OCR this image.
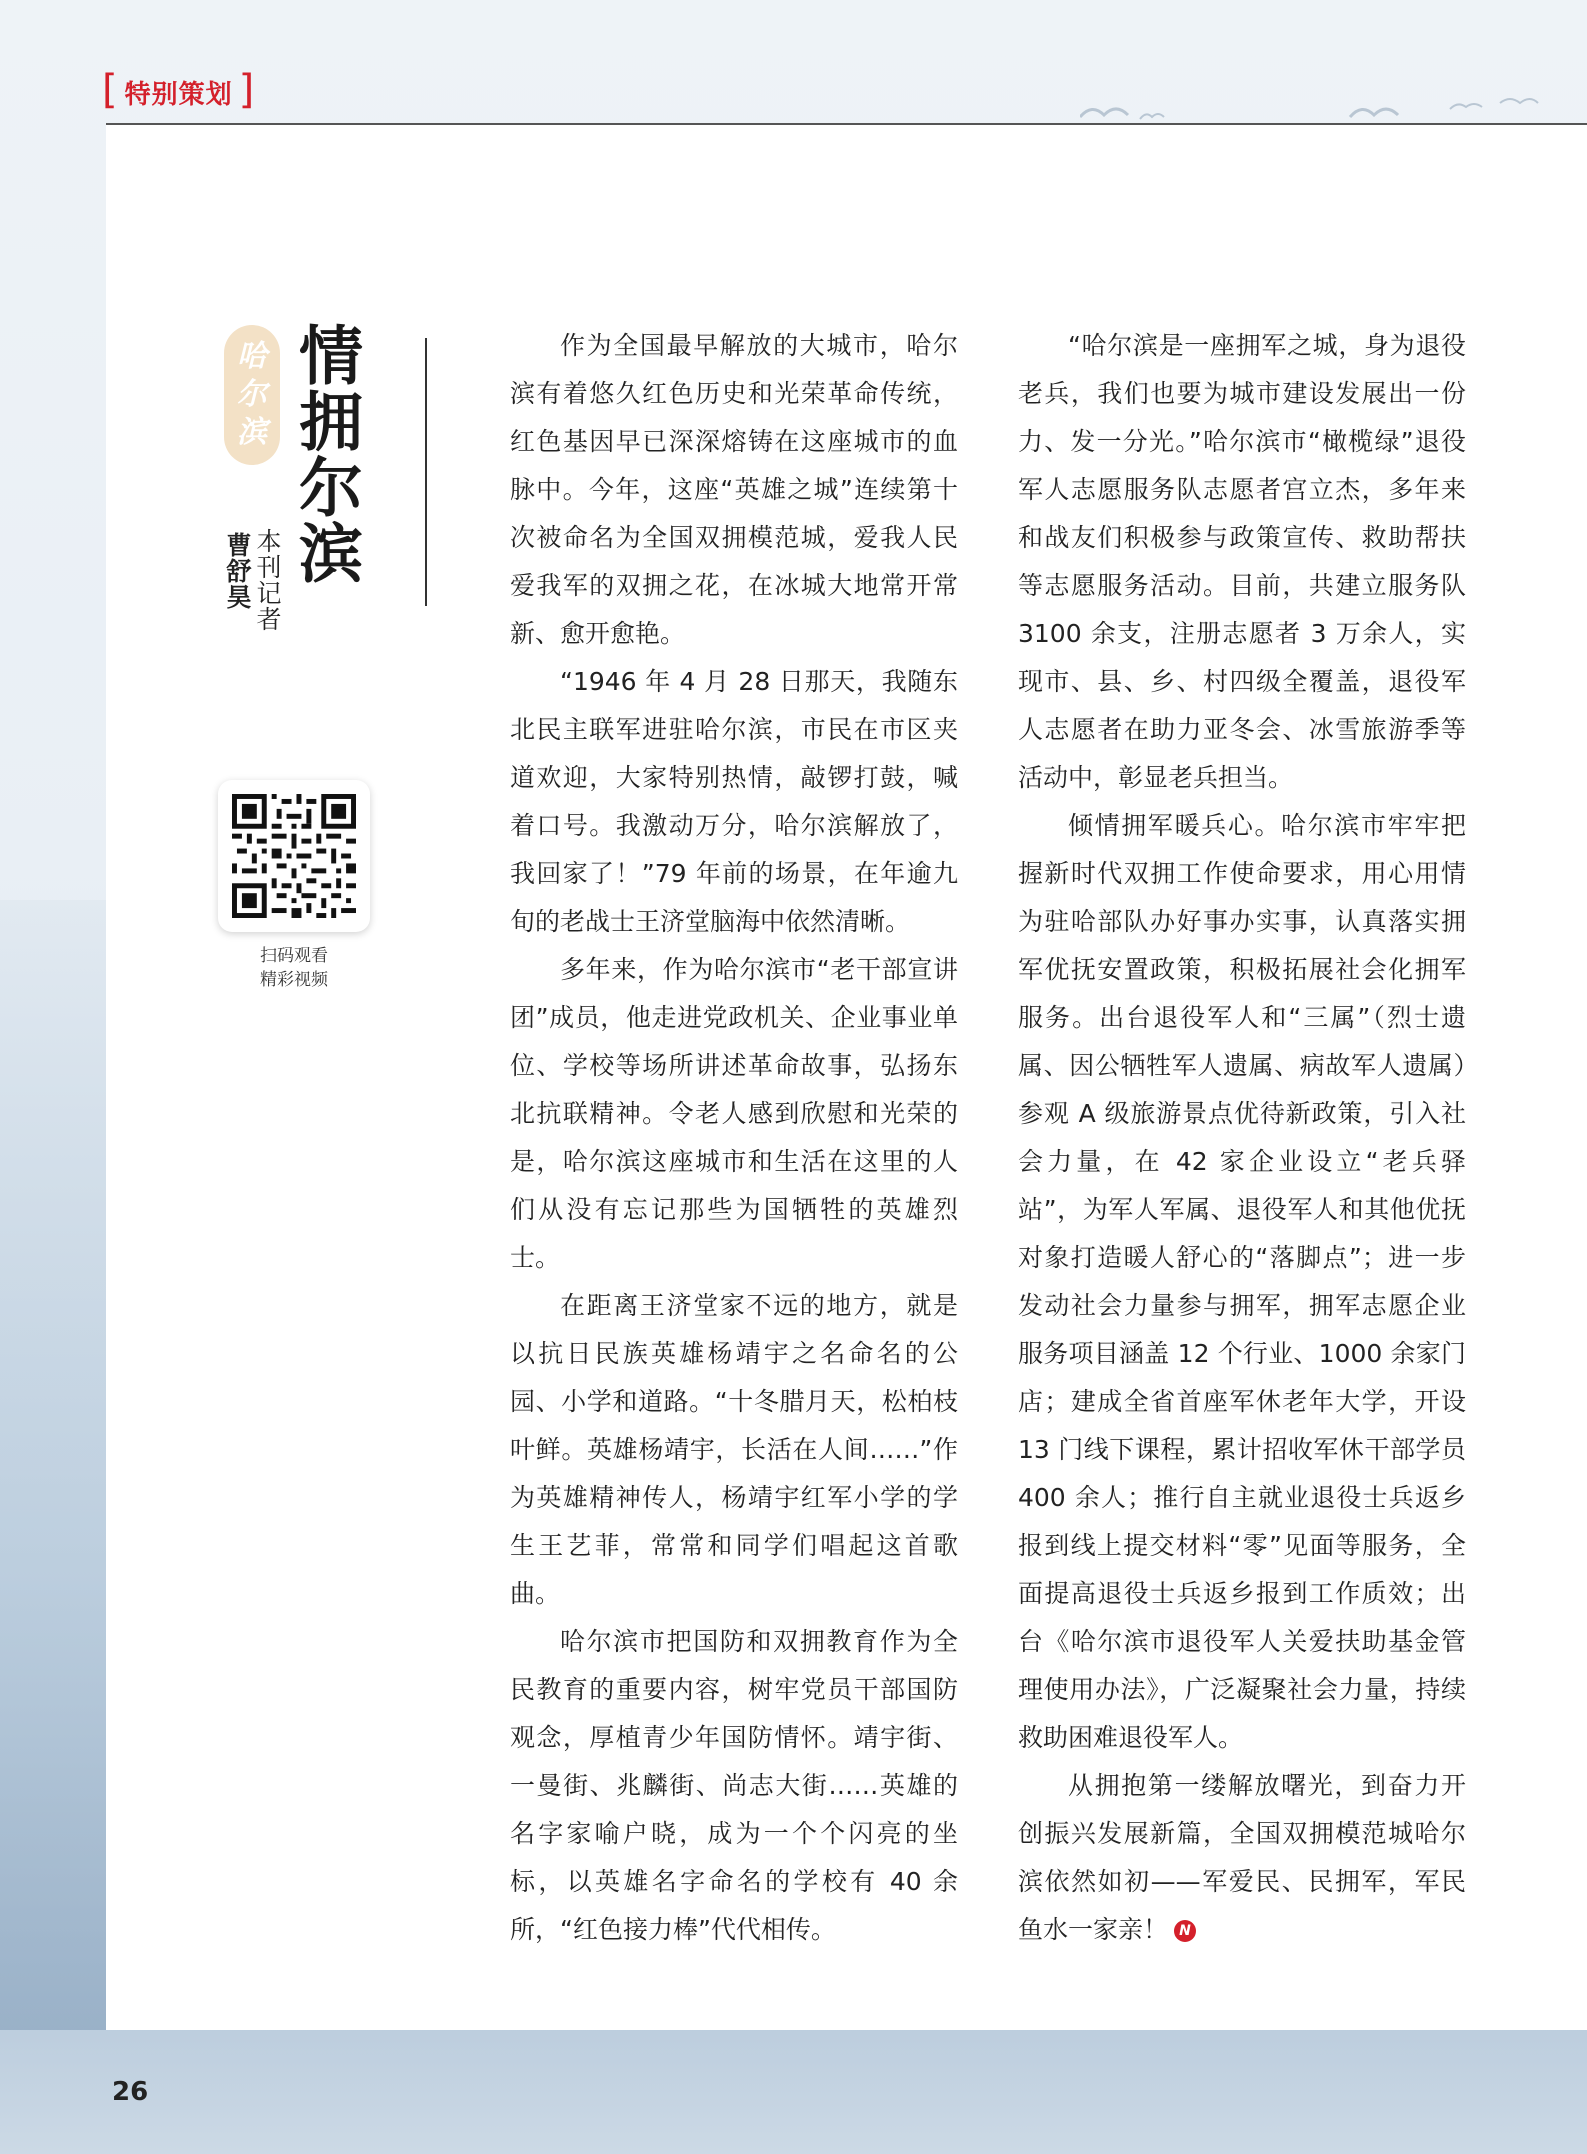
[ 特别策划 ]
哈
尔
滨 情拥尔滨
本刊记者
曹舒昊
扫码观看
精彩视频

作为全国最早解放的大城市，哈尔滨有着悠久红色历史和光荣革命传统，红色基因早已深深熔铸在这座城市的血脉中。今年，这座“英雄之城”连续第十次被命名为全国双拥模范城，爱我人民爱我军的双拥之花，在冰城大地常开常新、愈开愈艳。

“1946 年 4 月 28 日那天，我随东北民主联军进驻哈尔滨，市民在市区夹道欢迎，大家特别热情，敲锣打鼓，喊着口号。我激动万分，哈尔滨解放了，我回家了！”79 年前的场景，在年逾九旬的老战士王济堂脑海中依然清晰。

多年来，作为哈尔滨市“老干部宣讲团”成员，他走进党政机关、企业事业单位、学校等场所讲述革命故事，弘扬东北抗联精神。令老人感到欣慰和光荣的是，哈尔滨这座城市和生活在这里的人们从没有忘记那些为国牺牲的英雄烈士。

在距离王济堂家不远的地方，就是以抗日民族英雄杨靖宇之名命名的公园、小学和道路。“十冬腊月天，松柏枝叶鲜。英雄杨靖宇，长活在人间……”作为英雄精神传人，杨靖宇红军小学的学生王艺菲，常常和同学们唱起这首歌曲。

哈尔滨市把国防和双拥教育作为全民教育的重要内容，树牢党员干部国防观念，厚植青少年国防情怀。靖宇街、一曼街、兆麟街、尚志大街……英雄的名字家喻户晓，成为一个个闪亮的坐标，以英雄名字命名的学校有 40 余所，“红色接力棒”代代相传。

“哈尔滨是一座拥军之城，身为退役老兵，我们也要为城市建设发展出一份力、发一分光。”哈尔滨市“橄榄绿”退役军人志愿服务队志愿者宫立杰，多年来和战友们积极参与政策宣传、救助帮扶等志愿服务活动。目前，共建立服务队 3100 余支，注册志愿者 3 万余人，实现市、县、乡、村四级全覆盖，退役军人志愿者在助力亚冬会、冰雪旅游季等活动中，彰显老兵担当。

倾情拥军暖兵心。哈尔滨市牢牢把握新时代双拥工作使命要求，用心用情为驻哈部队办好事办实事，认真落实拥军优抚安置政策，积极拓展社会化拥军服务。出台退役军人和“三属”（烈士遗属、因公牺牲军人遗属、病故军人遗属）参观 A 级旅游景点优待新政策，引入社会力量，在 42 家企业设立“老兵驿站”，为军人军属、退役军人和其他优抚对象打造暖人舒心的“落脚点”；进一步发动社会力量参与拥军，拥军志愿企业服务项目涵盖 12 个行业、1000 余家门店；建成全省首座军休老年大学，开设 13 门线下课程，累计招收军休干部学员 400 余人；推行自主就业退役士兵返乡报到线上提交材料“零”见面等服务，全面提高退役士兵返乡报到工作质效；出台《哈尔滨市退役军人关爱扶助基金管理使用办法》，广泛凝聚社会力量，持续救助困难退役军人。

从拥抱第一缕解放曙光，到奋力开创振兴发展新篇，全国双拥模范城哈尔滨依然如初——军爱民、民拥军，军民鱼水一家亲！ N

26
